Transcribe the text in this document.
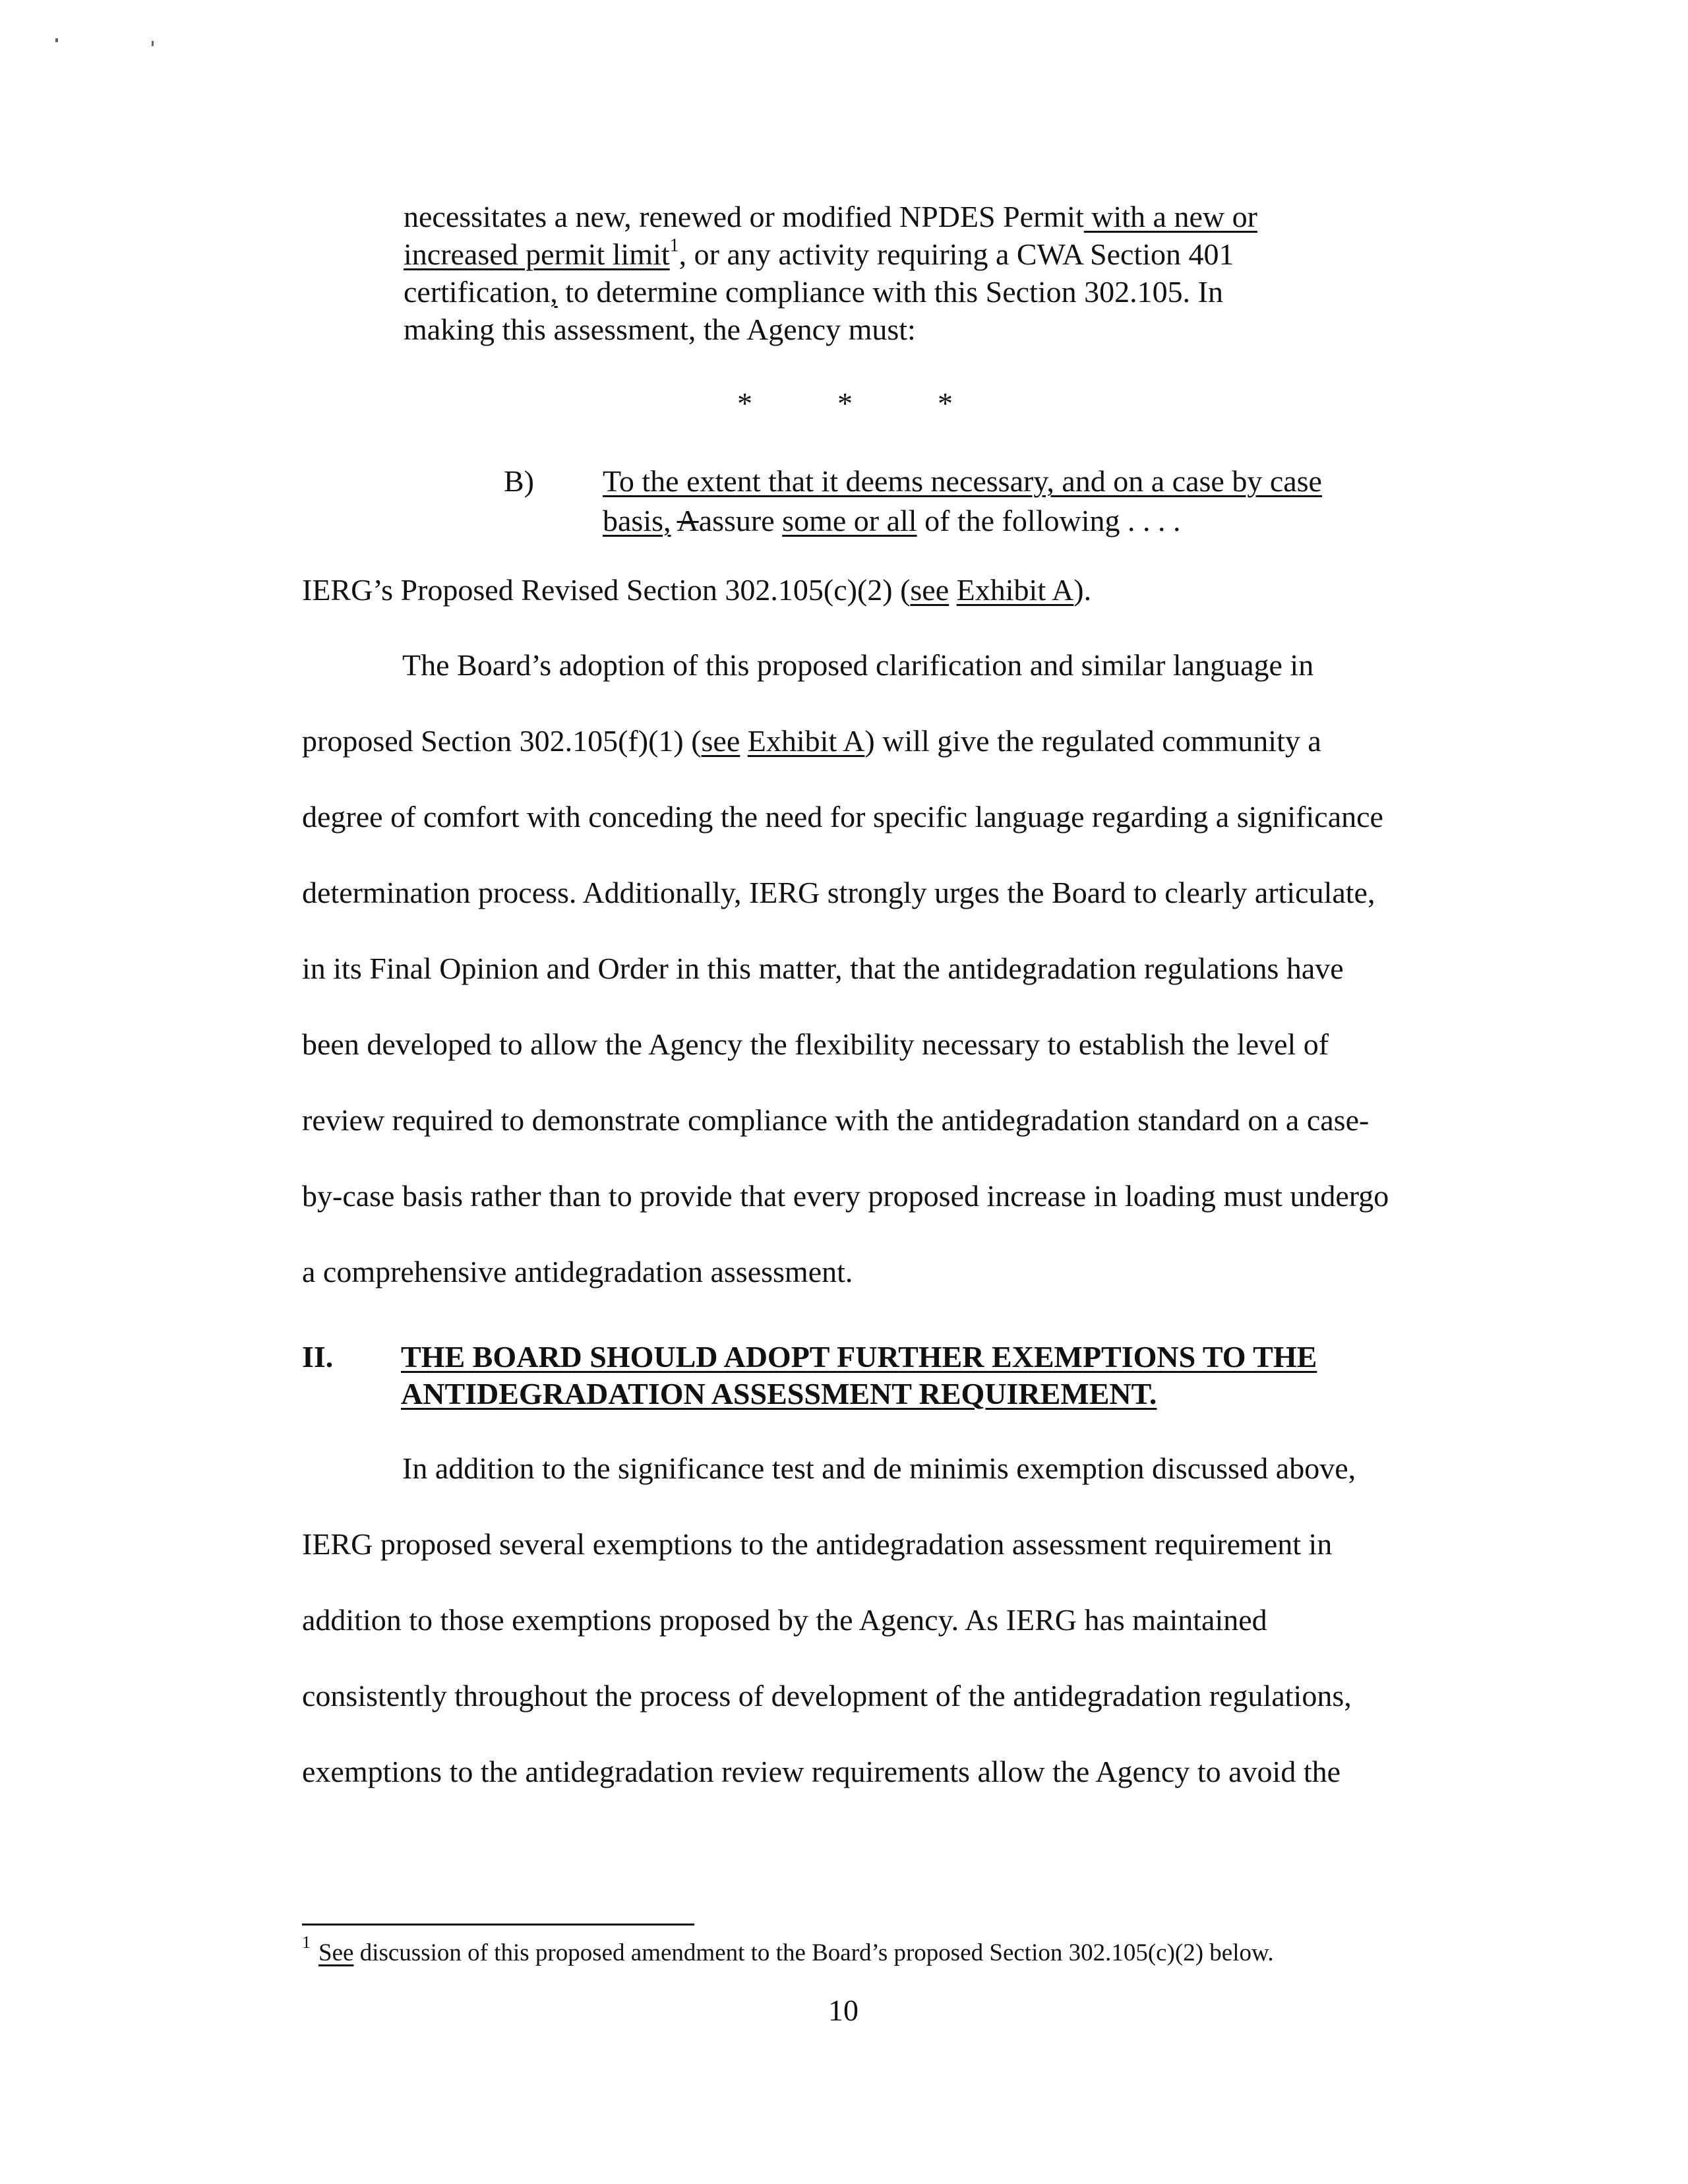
necessitates a new, renewed or modified NPDES Permit with a new or
increased permit limit$^1$, or any activity requiring a CWA Section 401
certification, to determine compliance with this Section 302.105. In
making this assessment, the Agency must:
*	*	*
B) To the extent that it deems necessary, and on a case by case
basis, Aassure some or all of the following . . . .
IERG’s Proposed Revised Section 302.105(c)(2) (see Exhibit A).
The Board’s adoption of this proposed clarification and similar language in
proposed Section 302.105(f)(1) (see Exhibit A) will give the regulated community a
degree of comfort with conceding the need for specific language regarding a significance
determination process. Additionally, IERG strongly urges the Board to clearly articulate,
in its Final Opinion and Order in this matter, that the antidegradation regulations have
been developed to allow the Agency the flexibility necessary to establish the level of
review required to demonstrate compliance with the antidegradation standard on a case-
by-case basis rather than to provide that every proposed increase in loading must undergo
a comprehensive antidegradation assessment.
II. THE BOARD SHOULD ADOPT FURTHER EXEMPTIONS TO THE
ANTIDEGRADATION ASSESSMENT REQUIREMENT.
In addition to the significance test and de minimis exemption discussed above,
IERG proposed several exemptions to the antidegradation assessment requirement in
addition to those exemptions proposed by the Agency. As IERG has maintained
consistently throughout the process of development of the antidegradation regulations,
exemptions to the antidegradation review requirements allow the Agency to avoid the
$^1$ See discussion of this proposed amendment to the Board’s proposed Section 302.105(c)(2) below.
10
